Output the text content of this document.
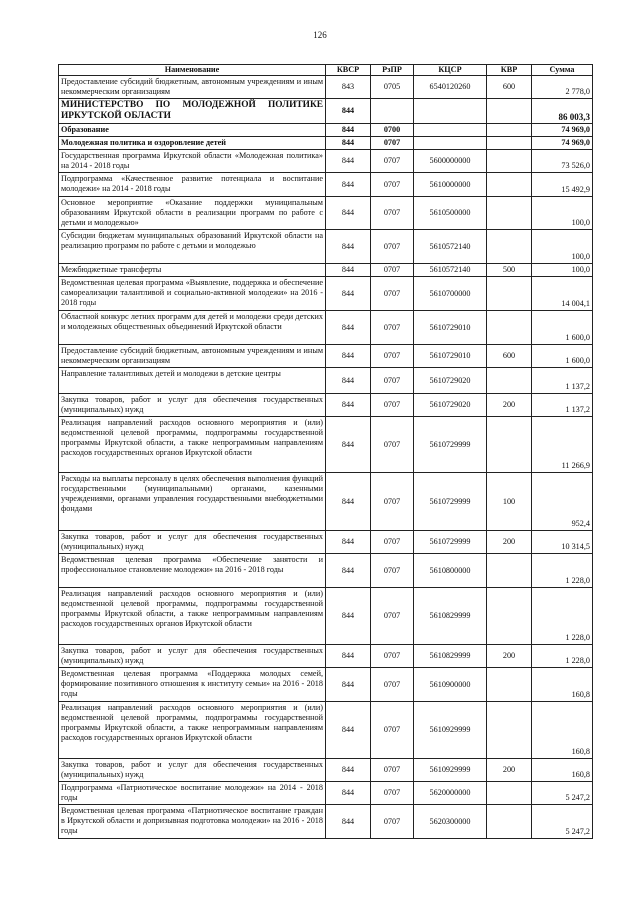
126
Наименование	КВСР	РзПР	КЦСР	КВР	Сумма
Предоставление субсидий бюджетным, автономным учреждениям и иным некоммерческим организациям	843	0705	6540120260	600	2 778,0
МИНИСТЕРСТВО ПО МОЛОДЕЖНОЙ ПОЛИТИКЕ ИРКУТСКОЙ ОБЛАСТИ	844				86 003,3
Образование	844	0700			74 969,0
Молодежная политика и оздоровление детей	844	0707			74 969,0
Государственная программа Иркутской области «Молодежная политика» на 2014 - 2018 годы	844	0707	5600000000		73 526,0
Подпрограмма «Качественное развитие потенциала и воспитание молодежи» на 2014 - 2018 годы	844	0707	5610000000		15 492,9
Основное мероприятие «Оказание поддержки муниципальным образованиям Иркутской области в реализации программ по работе с детьми и молодежью»	844	0707	5610500000		100,0
Субсидии бюджетам муниципальных образований Иркутской области на реализацию программ по работе с детьми и молодежью	844	0707	5610572140		100,0
Межбюджетные трансферты	844	0707	5610572140	500	100,0
Ведомственная целевая программа «Выявление, поддержка и обеспечение самореализации талантливой и социально-активной молодежи» на 2016 - 2018 годы	844	0707	5610700000		14 004,1
Областной конкурс летних программ для детей и молодежи среди детских и молодежных общественных объединений Иркутской области	844	0707	5610729010		1 600,0
Предоставление субсидий бюджетным, автономным учреждениям и иным некоммерческим организациям	844	0707	5610729010	600	1 600,0
Направление талантливых детей и молодежи в детские центры	844	0707	5610729020		1 137,2
Закупка товаров, работ и услуг для обеспечения государственных (муниципальных) нужд	844	0707	5610729020	200	1 137,2
Реализация направлений расходов основного мероприятия и (или) ведомственной целевой программы, подпрограммы государственной программы Иркутской области, а также непрограммным направлениям расходов государственных органов Иркутской области	844	0707	5610729999		11 266,9
Расходы на выплаты персоналу в целях обеспечения выполнения функций государственными (муниципальными) органами, казенными учреждениями, органами управления государственными внебюджетными фондами	844	0707	5610729999	100	952,4
Закупка товаров, работ и услуг для обеспечения государственных (муниципальных) нужд	844	0707	5610729999	200	10 314,5
Ведомственная целевая программа «Обеспечение занятости и профессиональное становление молодежи» на 2016 - 2018 годы	844	0707	5610800000		1 228,0
Реализация направлений расходов основного мероприятия и (или) ведомственной целевой программы, подпрограммы государственной программы Иркутской области, а также непрограммным направлениям расходов государственных органов Иркутской области	844	0707	5610829999		1 228,0
Закупка товаров, работ и услуг для обеспечения государственных (муниципальных) нужд	844	0707	5610829999	200	1 228,0
Ведомственная целевая программа «Поддержка молодых семей, формирование позитивного отношения к институту семьи» на 2016 - 2018 годы	844	0707	5610900000		160,8
Реализация направлений расходов основного мероприятия и (или) ведомственной целевой программы, подпрограммы государственной программы Иркутской области, а также непрограммным направлениям расходов государственных органов Иркутской области	844	0707	5610929999		160,8
Закупка товаров, работ и услуг для обеспечения государственных (муниципальных) нужд	844	0707	5610929999	200	160,8
Подпрограмма «Патриотическое воспитание молодежи» на 2014 - 2018 годы	844	0707	5620000000		5 247,2
Ведомственная целевая программа «Патриотическое воспитание граждан в Иркутской области и допризывная подготовка молодежи» на 2016 - 2018 годы	844	0707	5620300000		5 247,2
